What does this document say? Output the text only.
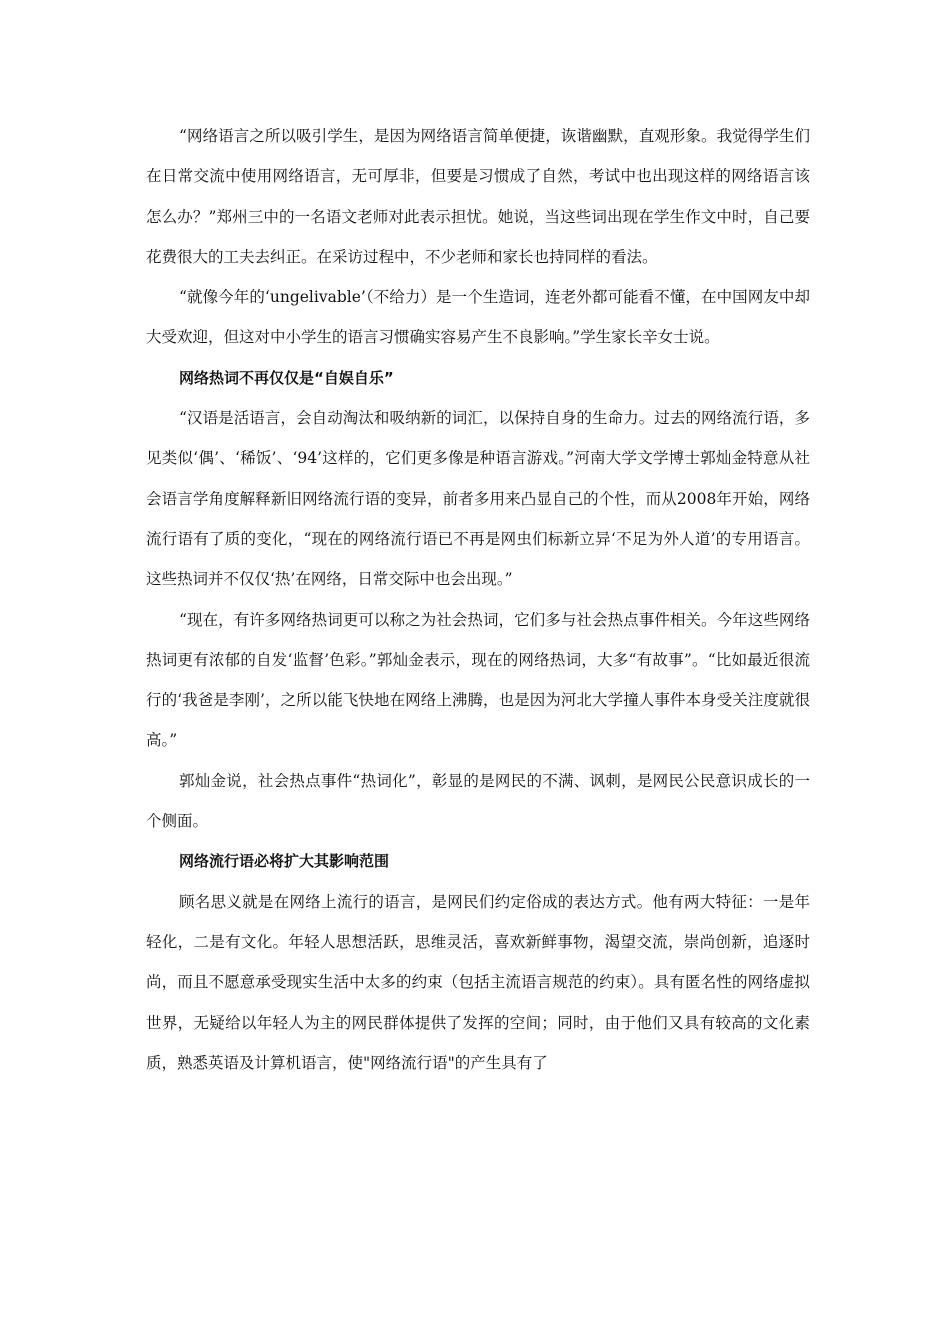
“网络语言之所以吸引学生，是因为网络语言简单便捷，诙谐幽默，直观形象。我觉得学生们在日常交流中使用网络语言，无可厚非，但要是习惯成了自然，考试中也出现这样的网络语言该怎么办？”郑州三中的一名语文老师对此表示担忧。她说，当这些词出现在学生作文中时，自己要花费很大的工夫去纠正。在采访过程中，不少老师和家长也持同样的看法。

“就像今年的‘ungelivable’（不给力）是一个生造词，连老外都可能看不懂，在中国网友中却大受欢迎，但这对中小学生的语言习惯确实容易产生不良影响。”学生家长辛女士说。

网络热词不再仅仅是“自娱自乐”

“汉语是活语言，会自动淘汰和吸纳新的词汇，以保持自身的生命力。过去的网络流行语，多见类似‘偶’、‘稀饭’、‘94’这样的，它们更多像是种语言游戏。”河南大学文学博士郭灿金特意从社会语言学角度解释新旧网络流行语的变异，前者多用来凸显自己的个性，而从2008年开始，网络流行语有了质的变化，“现在的网络流行语已不再是网虫们标新立异‘不足为外人道’的专用语言。这些热词并不仅仅‘热’在网络，日常交际中也会出现。”

“现在，有许多网络热词更可以称之为社会热词，它们多与社会热点事件相关。今年这些网络热词更有浓郁的自发‘监督’色彩。”郭灿金表示，现在的网络热词，大多“有故事”。“比如最近很流行的‘我爸是李刚’，之所以能飞快地在网络上沸腾，也是因为河北大学撞人事件本身受关注度就很高。”

郭灿金说，社会热点事件“热词化”，彰显的是网民的不满、讽刺，是网民公民意识成长的一个侧面。

网络流行语必将扩大其影响范围

顾名思义就是在网络上流行的语言，是网民们约定俗成的表达方式。他有两大特征：一是年轻化，二是有文化。年轻人思想活跃，思维灵活，喜欢新鲜事物，渴望交流，崇尚创新，追逐时尚，而且不愿意承受现实生活中太多的约束（包括主流语言规范的约束）。具有匿名性的网络虚拟世界，无疑给以年轻人为主的网民群体提供了发挥的空间；同时，由于他们又具有较高的文化素质，熟悉英语及计算机语言，使"网络流行语"的产生具有了
